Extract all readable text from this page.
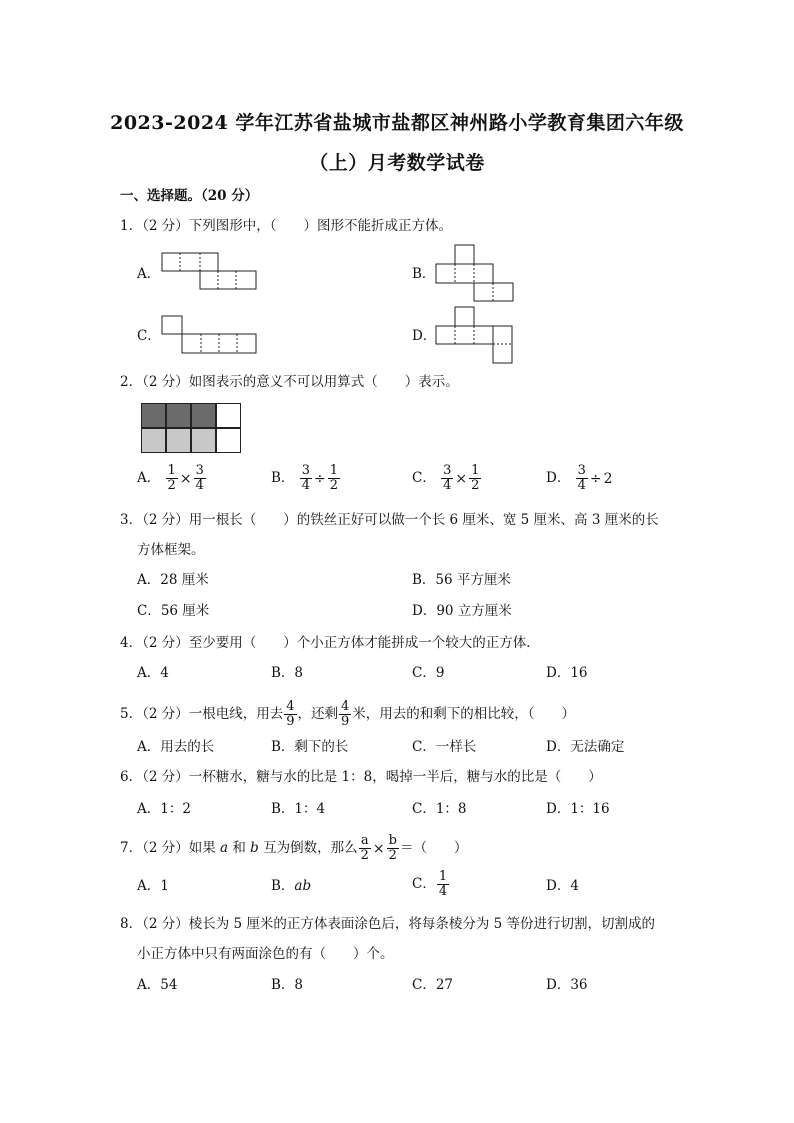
2023-2024 学年江苏省盐城市盐都区神州路小学教育集团六年级
（上）月考数学试卷
一、选择题。（20 分）
1．（2 分）下列图形中，（　　）图形不能折成正方体。
A．	B．
C．	D．
2．（2 分）如图表示的意义不可以用算式（　　）表示。
A． $\frac{1}{2} \times \frac{3}{4}$	B． $\frac{3}{4} \div \frac{1}{2}$	C． $\frac{3}{4} \times \frac{1}{2}$	D． $\frac{3}{4} \div 2$
3．（2 分）用一根长（　　）的铁丝正好可以做一个长 6 厘米、宽 5 厘米、高 3 厘米的长
方体框架。
A．28 厘米	B．56 平方厘米
C．56 厘米	D．90 立方厘米
4．（2 分）至少要用（　　）个小正方体才能拼成一个较大的正方体．
A．4	B．8	C．9	D．16
5．（2 分）一根电线，用去 $\frac{4}{9}$ ，还剩 $\frac{4}{9}$ 米，用去的和剩下的相比较，（　　）
A．用去的长	B．剩下的长	C．一样长	D．无法确定
6．（2 分）一杯糖水，糖与水的比是 1：8，喝掉一半后，糖与水的比是（　　）
A．1：2	B．1：4	C．1：8	D．1：16
7．（2 分）如果 a 和 b 互为倒数，那么 $\frac{a}{2} \times \frac{b}{2}$ ＝（　　）
A．1	B．ab	C． $\frac{1}{4}$	D．4
8．（2 分）棱长为 5 厘米的正方体表面涂色后，将每条棱分为 5 等份进行切割，切割成的
小正方体中只有两面涂色的有（　　）个。
A．54	B．8	C．27	D．36
